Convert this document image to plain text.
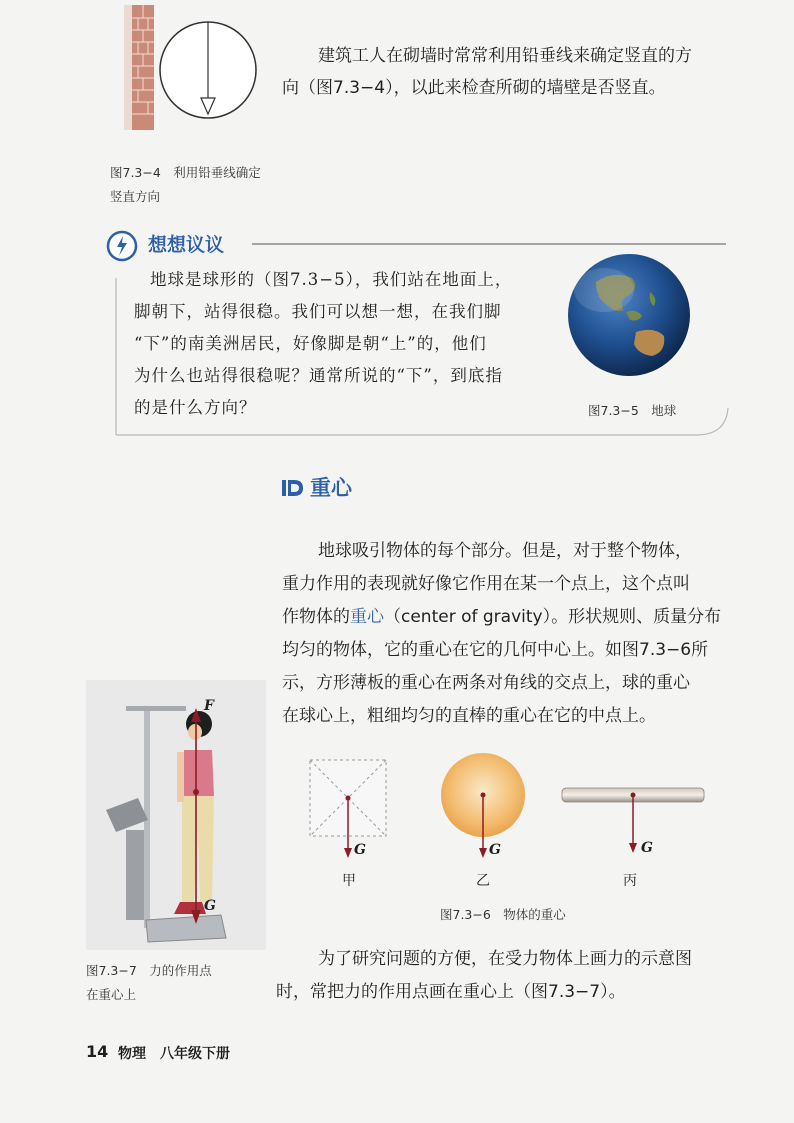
建筑工人在砌墙时常常利用铅垂线来确定竖直的方
向（图7.3−4），以此来检查所砌的墙壁是否竖直。
图7.3−4　利用铅垂线确定
竖直方向
想想议议
地球是球形的（图7.3−5），我们站在地面上，
脚朝下，站得很稳。我们可以想一想，在我们脚
“下”的南美洲居民，好像脚是朝“上”的，他们
为什么也站得很稳呢？通常所说的“下”，到底指
的是什么方向？	图7.3−5　地球
重心
地球吸引物体的每个部分。但是，对于整个物体，
重力作用的表现就好像它作用在某一个点上，这个点叫
作物体的重心（center of gravity）。形状规则、质量分布
均匀的物体，它的重心在它的几何中心上。如图7.3−6所
示，方形薄板的重心在两条对角线的交点上，球的重心
在球心上，粗细均匀的直棒的重心在它的中点上。
F
G
图7.3−7　力的作用点
在重心上
G	G	G
甲	乙	丙
图7.3−6　物体的重心
为了研究问题的方便，在受力物体上画力的示意图
时，常把力的作用点画在重心上（图7.3−7）。
14 物理　八年级下册
